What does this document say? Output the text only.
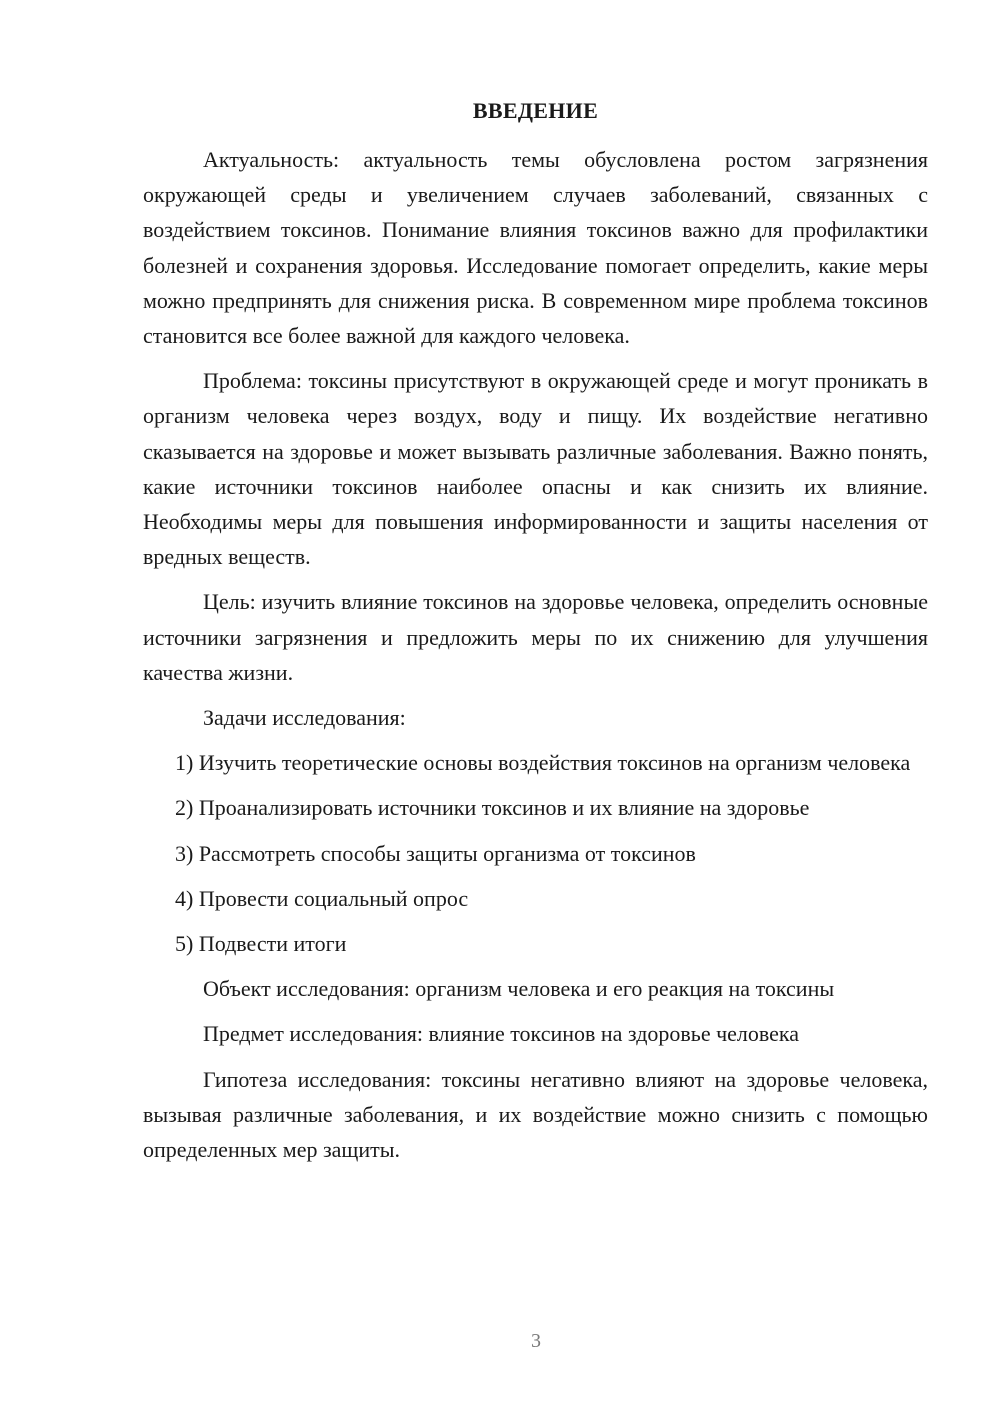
ВВЕДЕНИЕ

Актуальность: актуальность темы обусловлена ростом загрязнения окружающей среды и увеличением случаев заболеваний, связанных с воздействием токсинов. Понимание влияния токсинов важно для профилактики болезней и сохранения здоровья. Исследование помогает определить, какие меры можно предпринять для снижения риска. В современном мире проблема токсинов становится все более важной для каждого человека.

Проблема: токсины присутствуют в окружающей среде и могут проникать в организм человека через воздух, воду и пищу. Их воздействие негативно сказывается на здоровье и может вызывать различные заболевания. Важно понять, какие источники токсинов наиболее опасны и как снизить их влияние. Необходимы меры для повышения информированности и защиты населения от вредных веществ.

Цель: изучить влияние токсинов на здоровье человека, определить основные источники загрязнения и предложить меры по их снижению для улучшения качества жизни.

Задачи исследования:

1) Изучить теоретические основы воздействия токсинов на организм человека

2) Проанализировать источники токсинов и их влияние на здоровье

3) Рассмотреть способы защиты организма от токсинов

4) Провести социальный опрос

5) Подвести итоги

Объект исследования: организм человека и его реакция на токсины

Предмет исследования: влияние токсинов на здоровье человека

Гипотеза исследования: токсины негативно влияют на здоровье человека, вызывая различные заболевания, и их воздействие можно снизить с помощью определенных мер защиты.

3
